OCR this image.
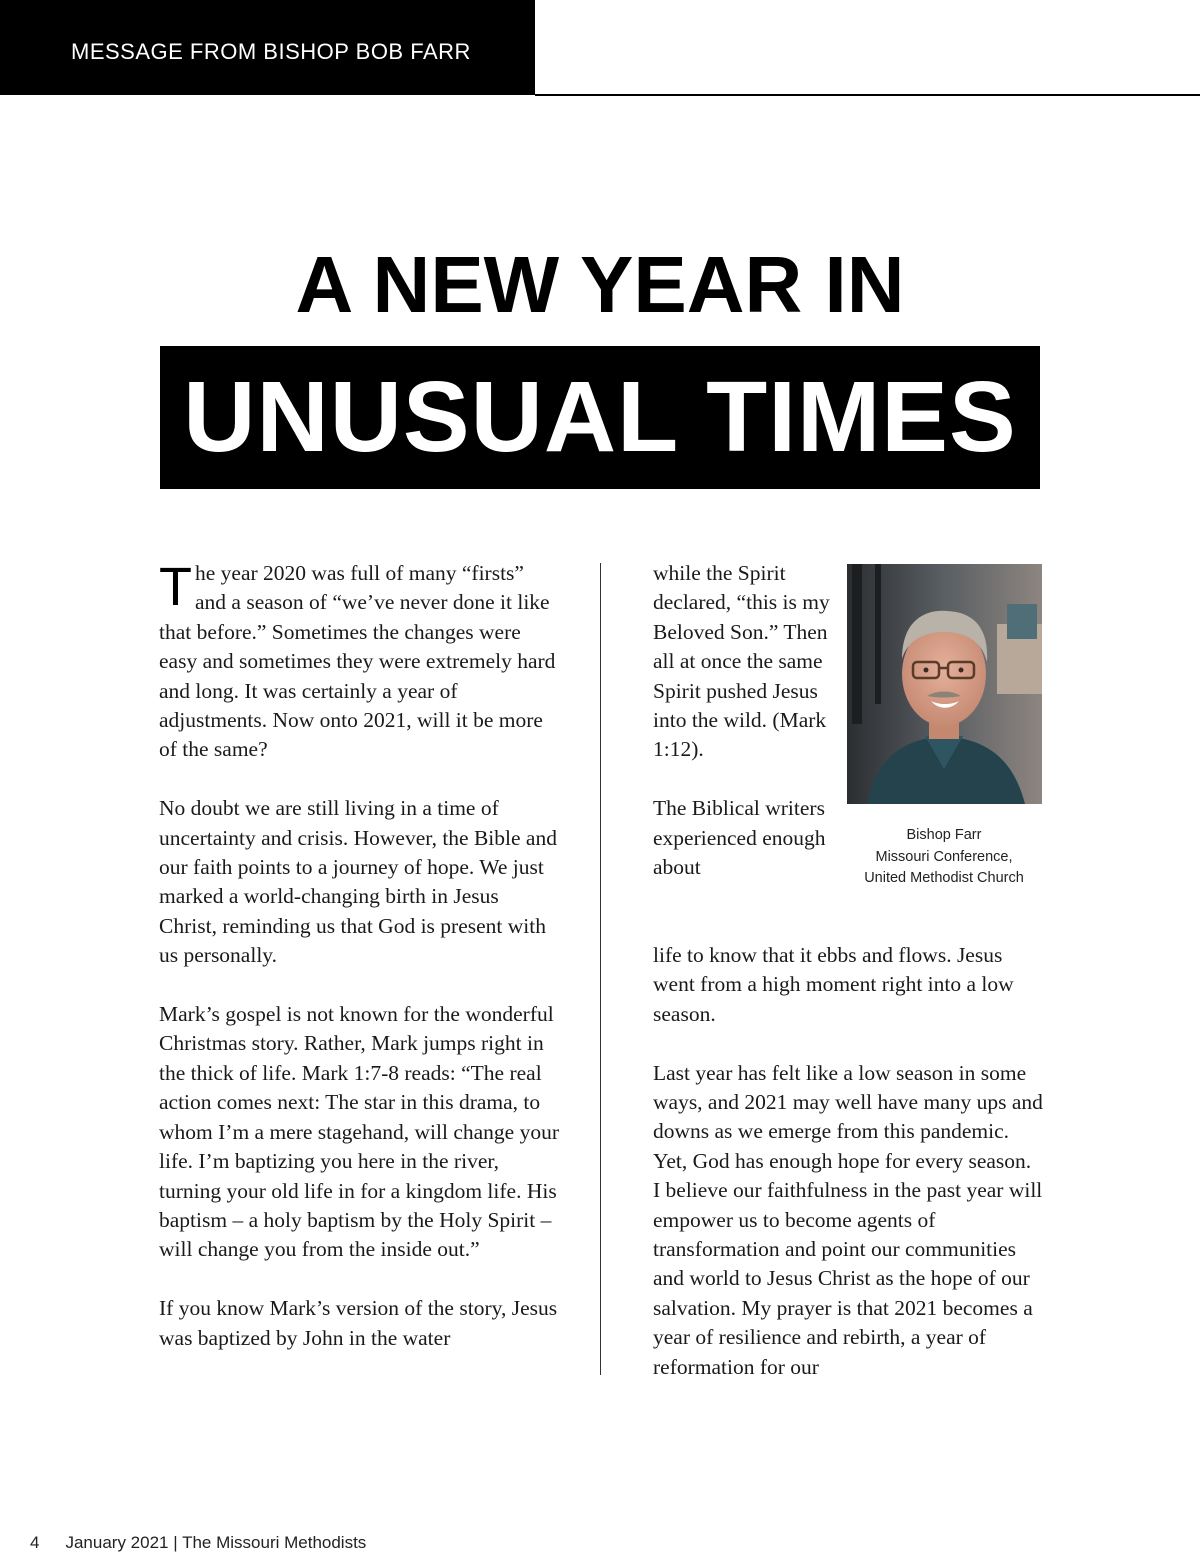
MESSAGE FROM BISHOP BOB FARR
A NEW YEAR IN
UNUSUAL TIMES

The year 2020 was full of many “firsts” and a season of “we’ve never done it like that before.” Sometimes the changes were easy and sometimes they were extremely hard and long. It was certainly a year of adjustments. Now onto 2021, will it be more of the same?

No doubt we are still living in a time of uncertainty and crisis. However, the Bible and our faith points to a journey of hope. We just marked a world-changing birth in Jesus Christ, reminding us that God is present with us personally.

Mark’s gospel is not known for the wonderful Christmas story. Rather, Mark jumps right in the thick of life. Mark 1:7-8 reads: “The real action comes next: The star in this drama, to whom I’m a mere stagehand, will change your life. I’m baptizing you here in the river, turning your old life in for a kingdom life. His baptism – a holy baptism by the Holy Spirit – will change you from the inside out.”

If you know Mark’s version of the story, Jesus was baptized by John in the water

while the Spirit declared, “this is my Beloved Son.” Then all at once the same Spirit pushed Jesus into the wild. (Mark 1:12).

The Biblical writers experienced enough about

life to know that it ebbs and flows. Jesus went from a high moment right into a low season.

Last year has felt like a low season in some ways, and 2021 may well have many ups and downs as we emerge from this pandemic. Yet, God has enough hope for every season. I believe our faithfulness in the past year will empower us to become agents of transformation and point our communities and world to Jesus Christ as the hope of our salvation. My prayer is that 2021 becomes a year of resilience and rebirth, a year of reformation for our

Bishop Farr
Missouri Conference,
United Methodist Church
4 January 2021 | The Missouri Methodists
